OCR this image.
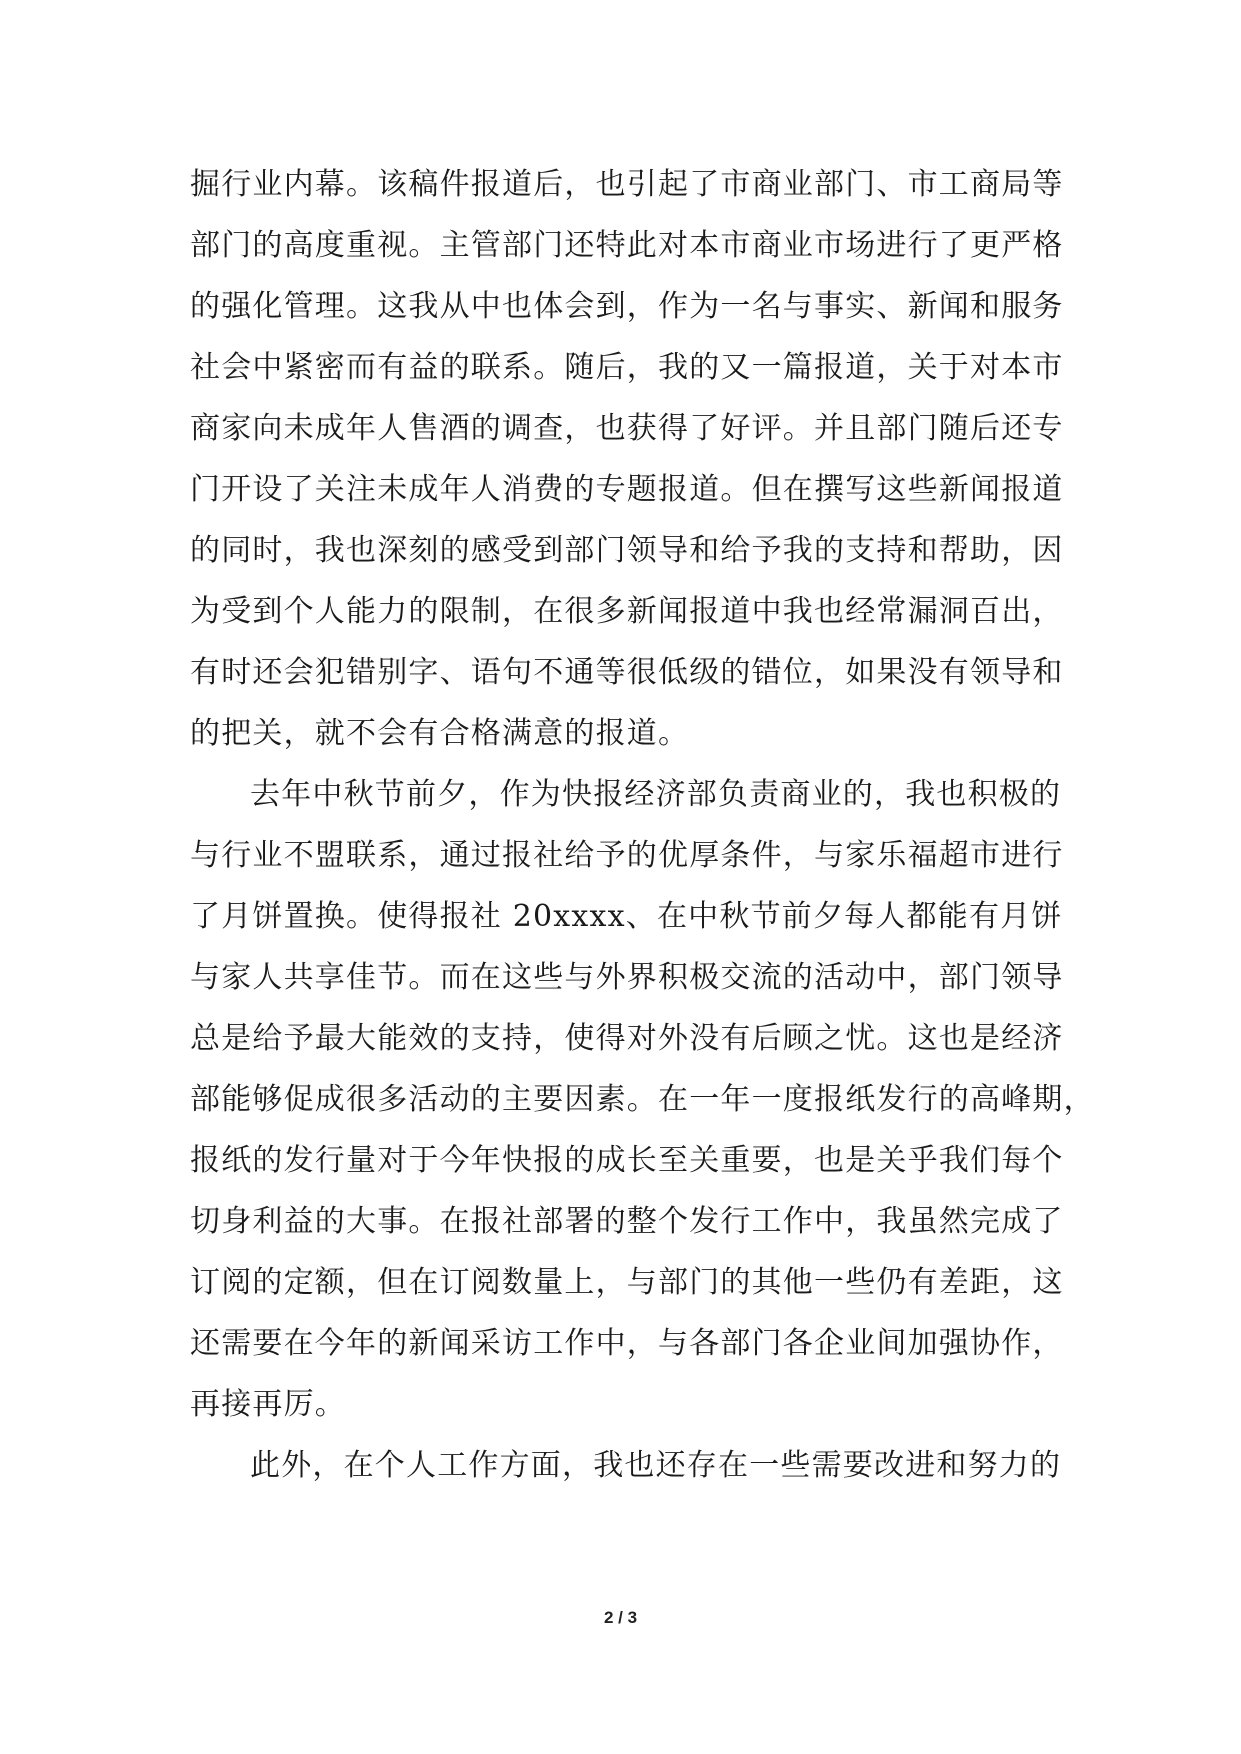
掘行业内幕。该稿件报道后，也引起了市商业部门、市工商局等
部门的高度重视。主管部门还特此对本市商业市场进行了更严格
的强化管理。这我从中也体会到，作为一名与事实、新闻和服务
社会中紧密而有益的联系。随后，我的又一篇报道，关于对本市
商家向未成年人售酒的调查，也获得了好评。并且部门随后还专
门开设了关注未成年人消费的专题报道。但在撰写这些新闻报道
的同时，我也深刻的感受到部门领导和给予我的支持和帮助，因
为受到个人能力的限制，在很多新闻报道中我也经常漏洞百出，
有时还会犯错别字、语句不通等很低级的错位，如果没有领导和
的把关，就不会有合格满意的报道。
去年中秋节前夕，作为快报经济部负责商业的，我也积极的
与行业不盟联系，通过报社给予的优厚条件，与家乐福超市进行
了月饼置换。使得报社 20xxxx、在中秋节前夕每人都能有月饼
与家人共享佳节。而在这些与外界积极交流的活动中，部门领导
总是给予最大能效的支持，使得对外没有后顾之忧。这也是经济
部能够促成很多活动的主要因素。在一年一度报纸发行的高峰期，
报纸的发行量对于今年快报的成长至关重要，也是关乎我们每个
切身利益的大事。在报社部署的整个发行工作中，我虽然完成了
订阅的定额，但在订阅数量上，与部门的其他一些仍有差距，这
还需要在今年的新闻采访工作中，与各部门各企业间加强协作，
再接再厉。
此外，在个人工作方面，我也还存在一些需要改进和努力的
2 / 3
